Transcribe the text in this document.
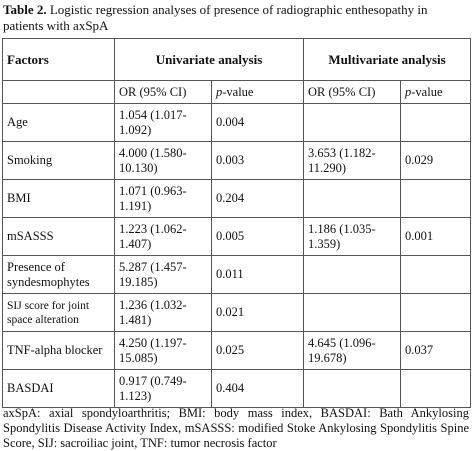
Table 2. Logistic regression analyses of presence of radiographic enthesopathy in patients with axSpA
Factors	Univariate analysis		Multivariate analysis	
	OR (95% CI)	p-value	OR (95% CI)	p-value
Age	1.054 (1.017-1.092)	0.004		
Smoking	4.000 (1.580-10.130)	0.003	3.653 (1.182-11.290)	0.029
BMI	1.071 (0.963-1.191)	0.204		
mSASSS	1.223 (1.062-1.407)	0.005	1.186 (1.035-1.359)	0.001
Presence of syndesmophytes	5.287 (1.457-19.185)	0.011		
SIJ score for joint space alteration	1.236 (1.032-1.481)	0.021		
TNF-alpha blocker	4.250 (1.197-15.085)	0.025	4.645 (1.096-19.678)	0.037
BASDAI	0.917 (0.749-1.123)	0.404		
axSpA: axial spondyloarthritis; BMI: body mass index, BASDAI: Bath Ankylosing Spondylitis Disease Activity Index, mSASSS: modified Stoke Ankylosing Spondylitis Spine Score, SIJ: sacroiliac joint, TNF: tumor necrosis factor
